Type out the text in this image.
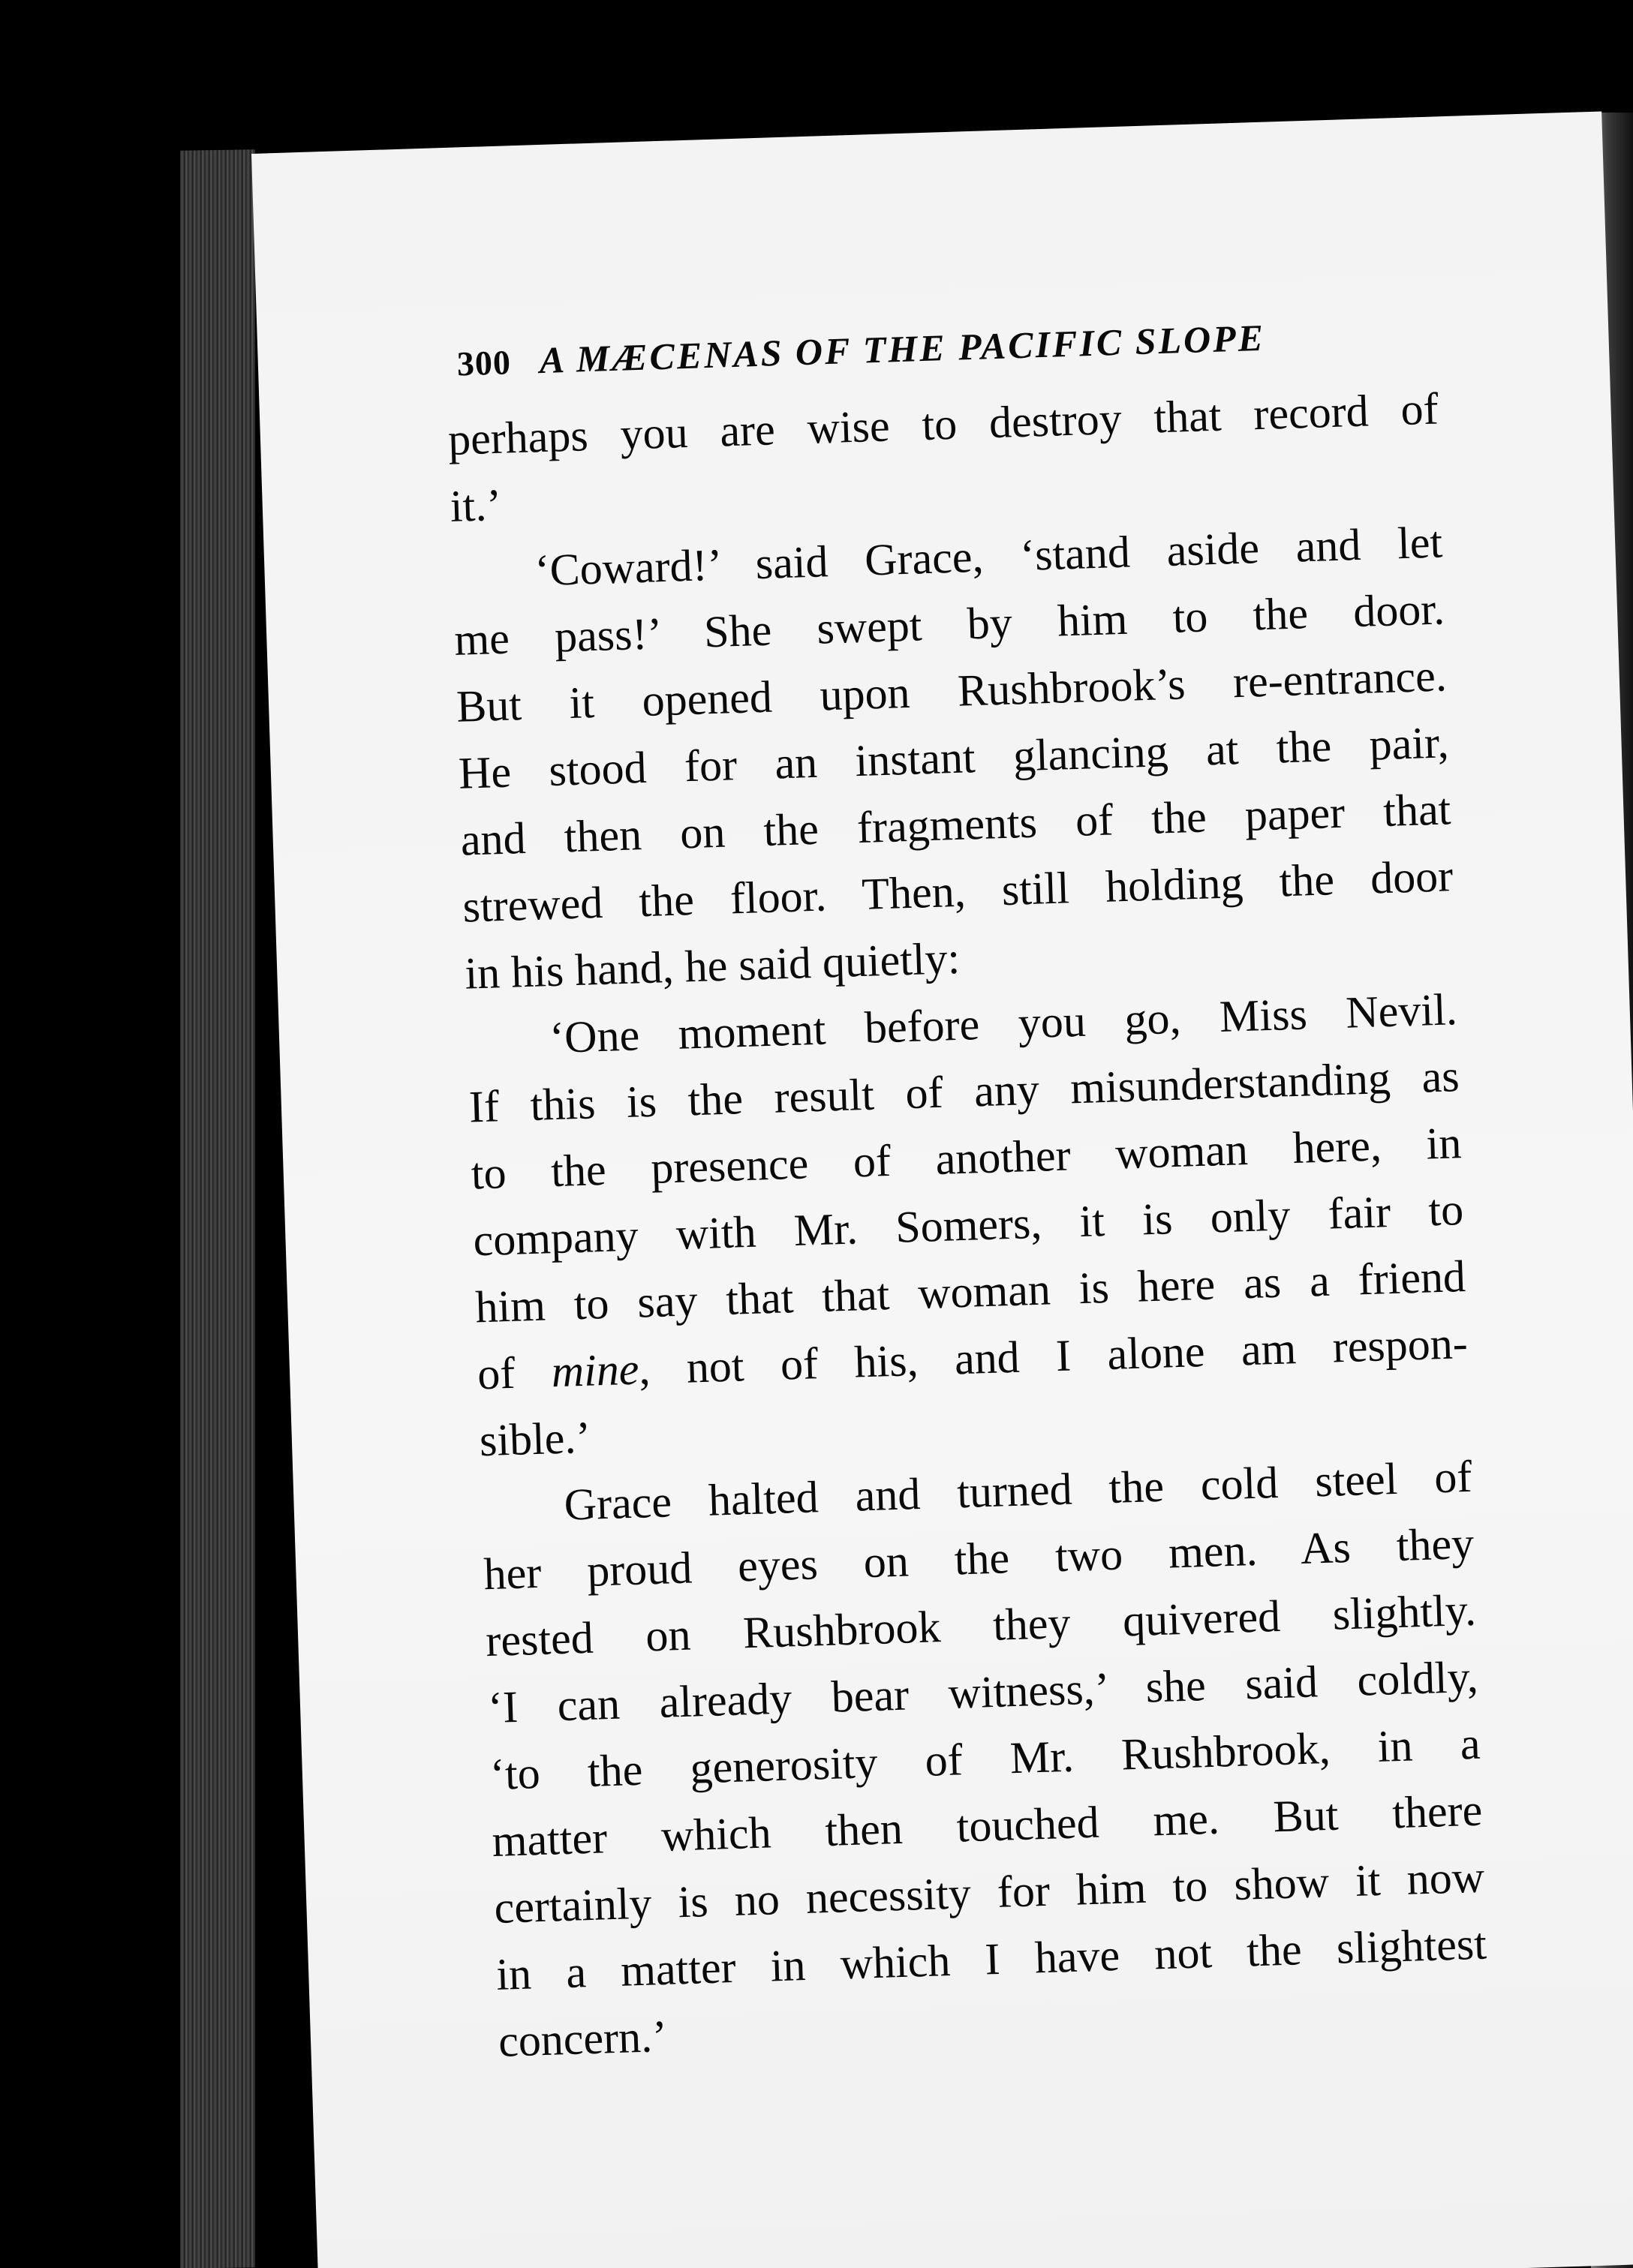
300 A MÆCENAS OF THE PACIFIC SLOPE
perhaps you are wise to destroy that record of
it.’
‘Coward!’ said Grace, ‘stand aside and let
me pass!’ She swept by him to the door.
But it opened upon Rushbrook’s re-entrance.
He stood for an instant glancing at the pair,
and then on the fragments of the paper that
strewed the floor. Then, still holding the door
in his hand, he said quietly:
‘One moment before you go, Miss Nevil.
If this is the result of any misunderstanding as
to the presence of another woman here, in
company with Mr. Somers, it is only fair to
him to say that that woman is here as a friend
of mine, not of his, and I alone am respon-
sible.’
Grace halted and turned the cold steel of
her proud eyes on the two men. As they
rested on Rushbrook they quivered slightly.
‘I can already bear witness,’ she said coldly,
‘to the generosity of Mr. Rushbrook, in a
matter which then touched me. But there
certainly is no necessity for him to show it now
in a matter in which I have not the slightest
concern.’
